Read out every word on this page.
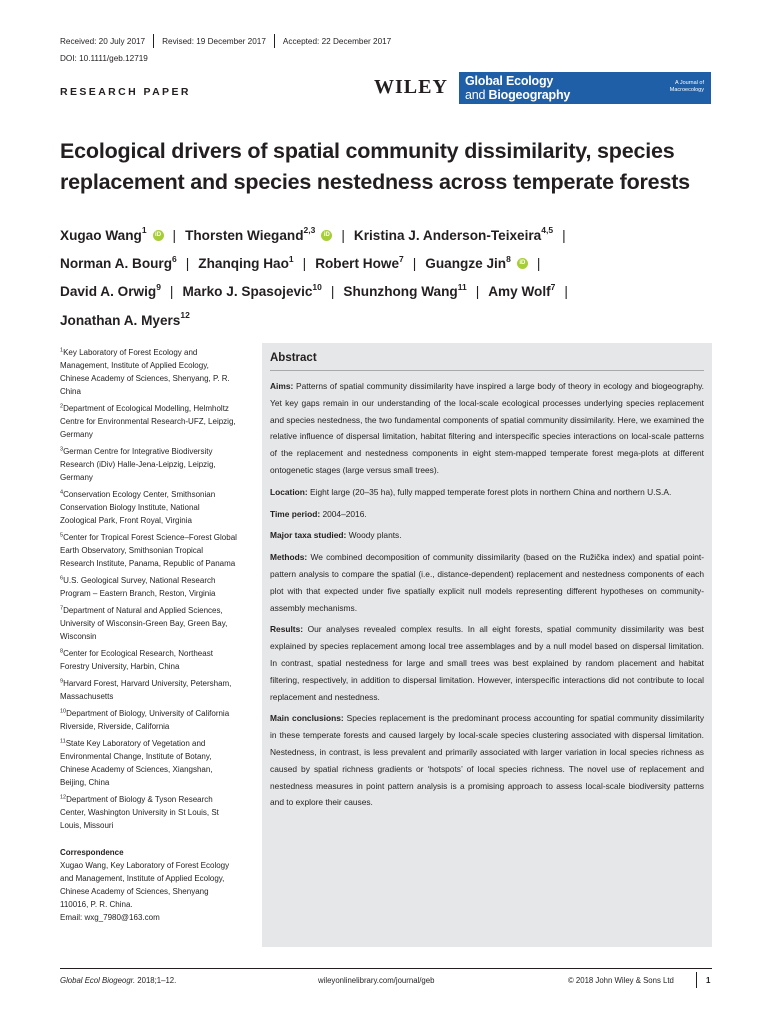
Received: 20 July 2017 Revised: 19 December 2017 Accepted: 22 December 2017
DOI: 10.1111/geb.12719
RESEARCH PAPER	WILEY Global Ecology
and Biogeography
A Journal of
Macroecology
Ecological drivers of spatial community dissimilarity, species replacement and species nestedness across temperate forests
Xugao Wang$^1$ iD | Thorsten Wiegand$^{2,3}$ iD | Kristina J. Anderson-Teixeira$^{4,5}$ |
Norman A. Bourg$^6$ | Zhanqing Hao$^1$ | Robert Howe$^7$ | Guangze Jin$^8$ iD |
David A. Orwig$^9$ | Marko J. Spasojevic$^{10}$ | Shunzhong Wang$^{11}$ | Amy Wolf$^7$ |
Jonathan A. Myers$^{12}$
$^1$Key Laboratory of Forest Ecology and Management, Institute of Applied Ecology, Chinese Academy of Sciences, Shenyang, P. R. China
$^2$Department of Ecological Modelling, Helmholtz Centre for Environmental Research-UFZ, Leipzig, Germany
$^3$German Centre for Integrative Biodiversity Research (iDiv) Halle-Jena-Leipzig, Leipzig, Germany
$^4$Conservation Ecology Center, Smithsonian Conservation Biology Institute, National Zoological Park, Front Royal, Virginia
$^5$Center for Tropical Forest Science–Forest Global Earth Observatory, Smithsonian Tropical Research Institute, Panama, Republic of Panama
$^6$U.S. Geological Survey, National Research Program – Eastern Branch, Reston, Virginia
$^7$Department of Natural and Applied Sciences, University of Wisconsin-Green Bay, Green Bay, Wisconsin
$^8$Center for Ecological Research, Northeast Forestry University, Harbin, China
$^9$Harvard Forest, Harvard University, Petersham, Massachusetts
$^{10}$Department of Biology, University of California Riverside, Riverside, California
$^{11}$State Key Laboratory of Vegetation and Environmental Change, Institute of Botany, Chinese Academy of Sciences, Xiangshan, Beijing, China
$^{12}$Department of Biology & Tyson Research Center, Washington University in St Louis, St Louis, Missouri
Correspondence
Xugao Wang, Key Laboratory of Forest Ecology and Management, Institute of Applied Ecology, Chinese Academy of Sciences, Shenyang 110016, P. R. China.
Email: wxg_7980@163.com
Abstract

Aims: Patterns of spatial community dissimilarity have inspired a large body of theory in ecology and biogeography. Yet key gaps remain in our understanding of the local-scale ecological processes underlying species replacement and species nestedness, the two fundamental components of spatial community dissimilarity. Here, we examined the relative influence of dispersal limitation, habitat filtering and interspecific species interactions on local-scale patterns of the replacement and nestedness components in eight stem-mapped temperate forest mega-plots at different ontogenetic stages (large versus small trees).

Location: Eight large (20–35 ha), fully mapped temperate forest plots in northern China and northern U.S.A.

Time period: 2004–2016.

Major taxa studied: Woody plants.

Methods: We combined decomposition of community dissimilarity (based on the Ružička index) and spatial point-pattern analysis to compare the spatial (i.e., distance-dependent) replacement and nestedness components of each plot with that expected under five spatially explicit null models representing different hypotheses on community-assembly mechanisms.

Results: Our analyses revealed complex results. In all eight forests, spatial community dissimilarity was best explained by species replacement among local tree assemblages and by a null model based on dispersal limitation. In contrast, spatial nestedness for large and small trees was best explained by random placement and habitat filtering, respectively, in addition to dispersal limitation. However, interspecific interactions did not contribute to local replacement and nestedness.

Main conclusions: Species replacement is the predominant process accounting for spatial community dissimilarity in these temperate forests and caused largely by local-scale species clustering associated with dispersal limitation. Nestedness, in contrast, is less prevalent and primarily associated with larger variation in local species richness as caused by spatial richness gradients or ‘hotspots’ of local species richness. The novel use of replacement and nestedness measures in point pattern analysis is a promising approach to assess local-scale biodiversity patterns and to explore their causes.

Global Ecol Biogeogr. 2018;1–12.	wileyonlinelibrary.com/journal/geb	© 2018 John Wiley & Sons Ltd	1
